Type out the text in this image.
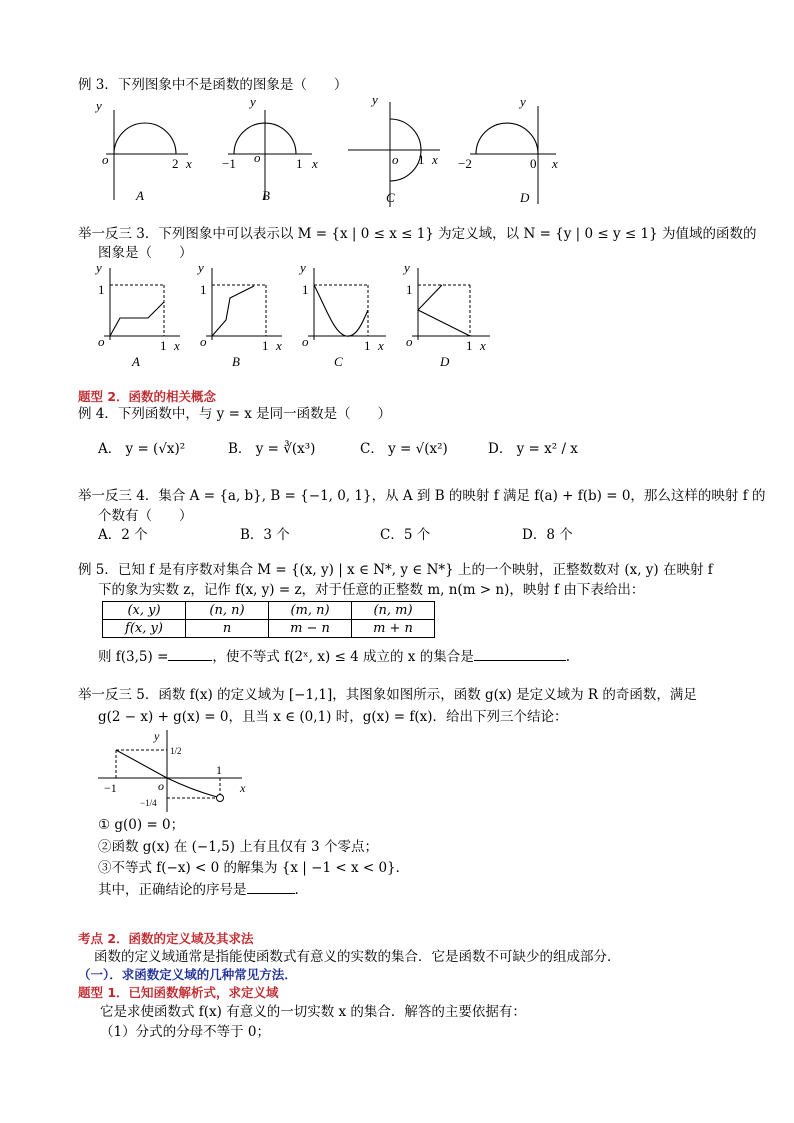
例 3．下列图象中不是函数的图象是（　　）
y
o	2 x
A
y
o
−1	1 x
B
y
o 1 x
C
y
−2	0 x
D
举一反三 3．下列图象中可以表示以 M = {x | 0 ≤ x ≤ 1} 为定义域，以 N = {y | 0 ≤ y ≤ 1} 为值域的函数的
图象是（　　）
y
1
o	1 x
A
y
1
o	1 x
B
y
1
o	1 x
C
y
1
o	1 x
D
题型 2．函数的相关概念
例 4．下列函数中，与 y = x 是同一函数是（　　）
A． y = (√x)²	B． y = ∛(x³)	C． y = √(x²)	D． y = x² / x
举一反三 4．集合 A = {a, b}, B = {−1, 0, 1}，从 A 到 B 的映射 f 满足 f(a) + f(b) = 0，那么这样的映射 f 的
个数有（　　）
A．2 个	B．3 个	C．5 个	D．8 个
例 5．已知 f 是有序数对集合 M = {(x, y) | x ∈ N*, y ∈ N*} 上的一个映射，正整数数对 (x, y) 在映射 f
下的象为实数 z，记作 f(x, y) = z，对于任意的正整数 m, n(m > n)，映射 f 由下表给出：
(x, y)	(n, n)	(m, n)	(n, m)
f(x, y)	n	m − n	m + n
则 f(3,5) =	，使不等式 f(2ˣ, x) ≤ 4 成立的 x 的集合是	.
举一反三 5．函数 f(x) 的定义域为 [−1,1]，其图象如图所示，函数 g(x) 是定义域为 R 的奇函数，满足
g(2 − x) + g(x) = 0，且当 x ∈ (0,1) 时，g(x) = f(x)．给出下列三个结论：
y
1/2
−1
1
o
−1/4
x
① g(0) = 0；
②函数 g(x) 在 (−1,5) 上有且仅有 3 个零点；
③不等式 f(−x) < 0 的解集为 {x | −1 < x < 0}．
其中，正确结论的序号是	.
考点 2．函数的定义域及其求法
函数的定义域通常是指能使函数式有意义的实数的集合．它是函数不可缺少的组成部分．
（一）．求函数定义域的几种常见方法．
题型 1．已知函数解析式，求定义域
它是求使函数式 f(x) 有意义的一切实数 x 的集合．解答的主要依据有：
（1）分式的分母不等于 0；
